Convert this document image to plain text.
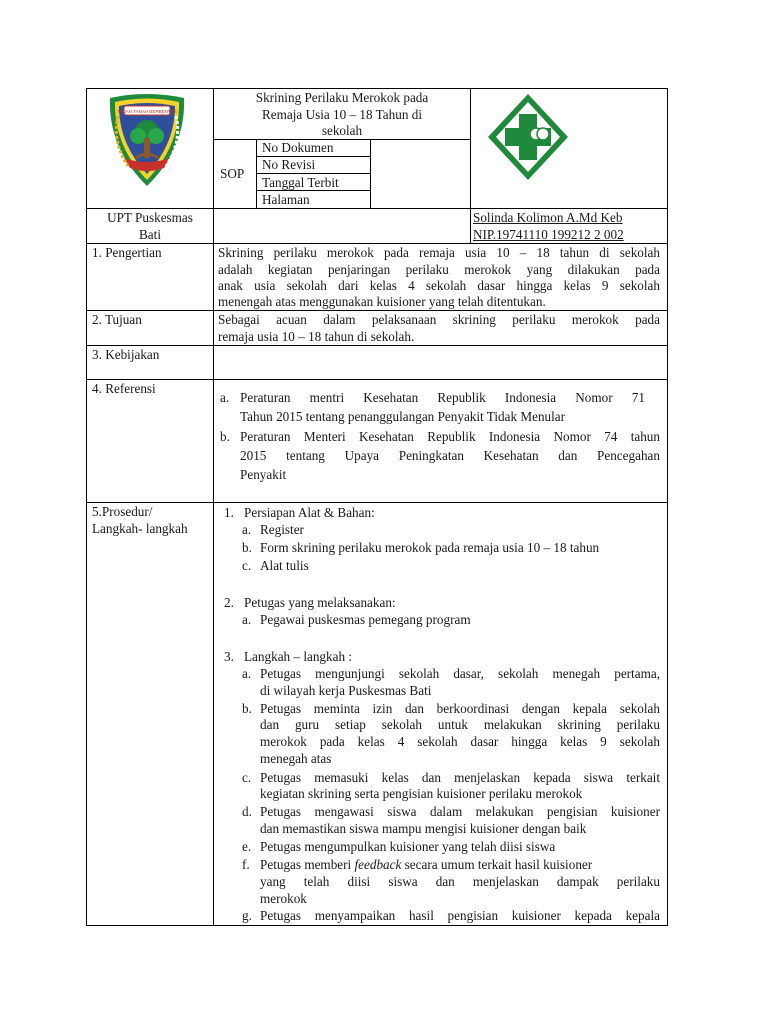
TANAH TANAH BERBENTUK
Skrining Perilaku Merokok pada
Remaja Usia 10 – 18 Tahun di
sekolah
SOP
No Dokumen
No Revisi
Tanggal Terbit
Halaman
UPT Puskesmas
Bati
Solinda Kolimon A.Md Keb
NIP.19741110 199212 2 002
1. Pengertian	Skrining perilaku merokok pada remaja usia 10 – 18 tahun di sekolah
adalah kegiatan penjaringan perilaku merokok yang dilakukan pada
anak usia sekolah dari kelas 4 sekolah dasar hingga kelas 9 sekolah
menengah atas menggunakan kuisioner yang telah ditentukan.
2. Tujuan	Sebagai acuan dalam pelaksanaan skrining perilaku merokok pada
remaja usia 10 – 18 tahun di sekolah.
3. Kebijakan
4. Referensi
a. Peraturan mentri Kesehatan Republik Indonesia Nomor 71
Tahun 2015 tentang penanggulangan Penyakit Tidak Menular
b. Peraturan Menteri Kesehatan Republik Indonesia Nomor 74 tahun
2015 tentang Upaya Peningkatan Kesehatan dan Pencegahan
Penyakit
5.Prosedur/
Langkah- langkah
1. Persiapan Alat & Bahan:
a. Register
b. Form skrining perilaku merokok pada remaja usia 10 – 18 tahun
c. Alat tulis
2. Petugas yang melaksanakan:
a. Pegawai puskesmas pemegang program
3. Langkah – langkah :
a. Petugas mengunjungi sekolah dasar, sekolah menegah pertama,
di wilayah kerja Puskesmas Bati
b. Petugas meminta izin dan berkoordinasi dengan kepala sekolah
dan guru setiap sekolah untuk melakukan skrining perilaku
merokok pada kelas 4 sekolah dasar hingga kelas 9 sekolah
menegah atas
c. Petugas memasuki kelas dan menjelaskan kepada siswa terkait
kegiatan skrining serta pengisian kuisioner perilaku merokok
d. Petugas mengawasi siswa dalam melakukan pengisian kuisioner
dan memastikan siswa mampu mengisi kuisioner dengan baik
e. Petugas mengumpulkan kuisioner yang telah diisi siswa
f. Petugas memberi feedback secara umum terkait hasil kuisioner
yang telah diisi siswa dan menjelaskan dampak perilaku
merokok
g. Petugas menyampaikan hasil pengisian kuisioner kepada kepala
